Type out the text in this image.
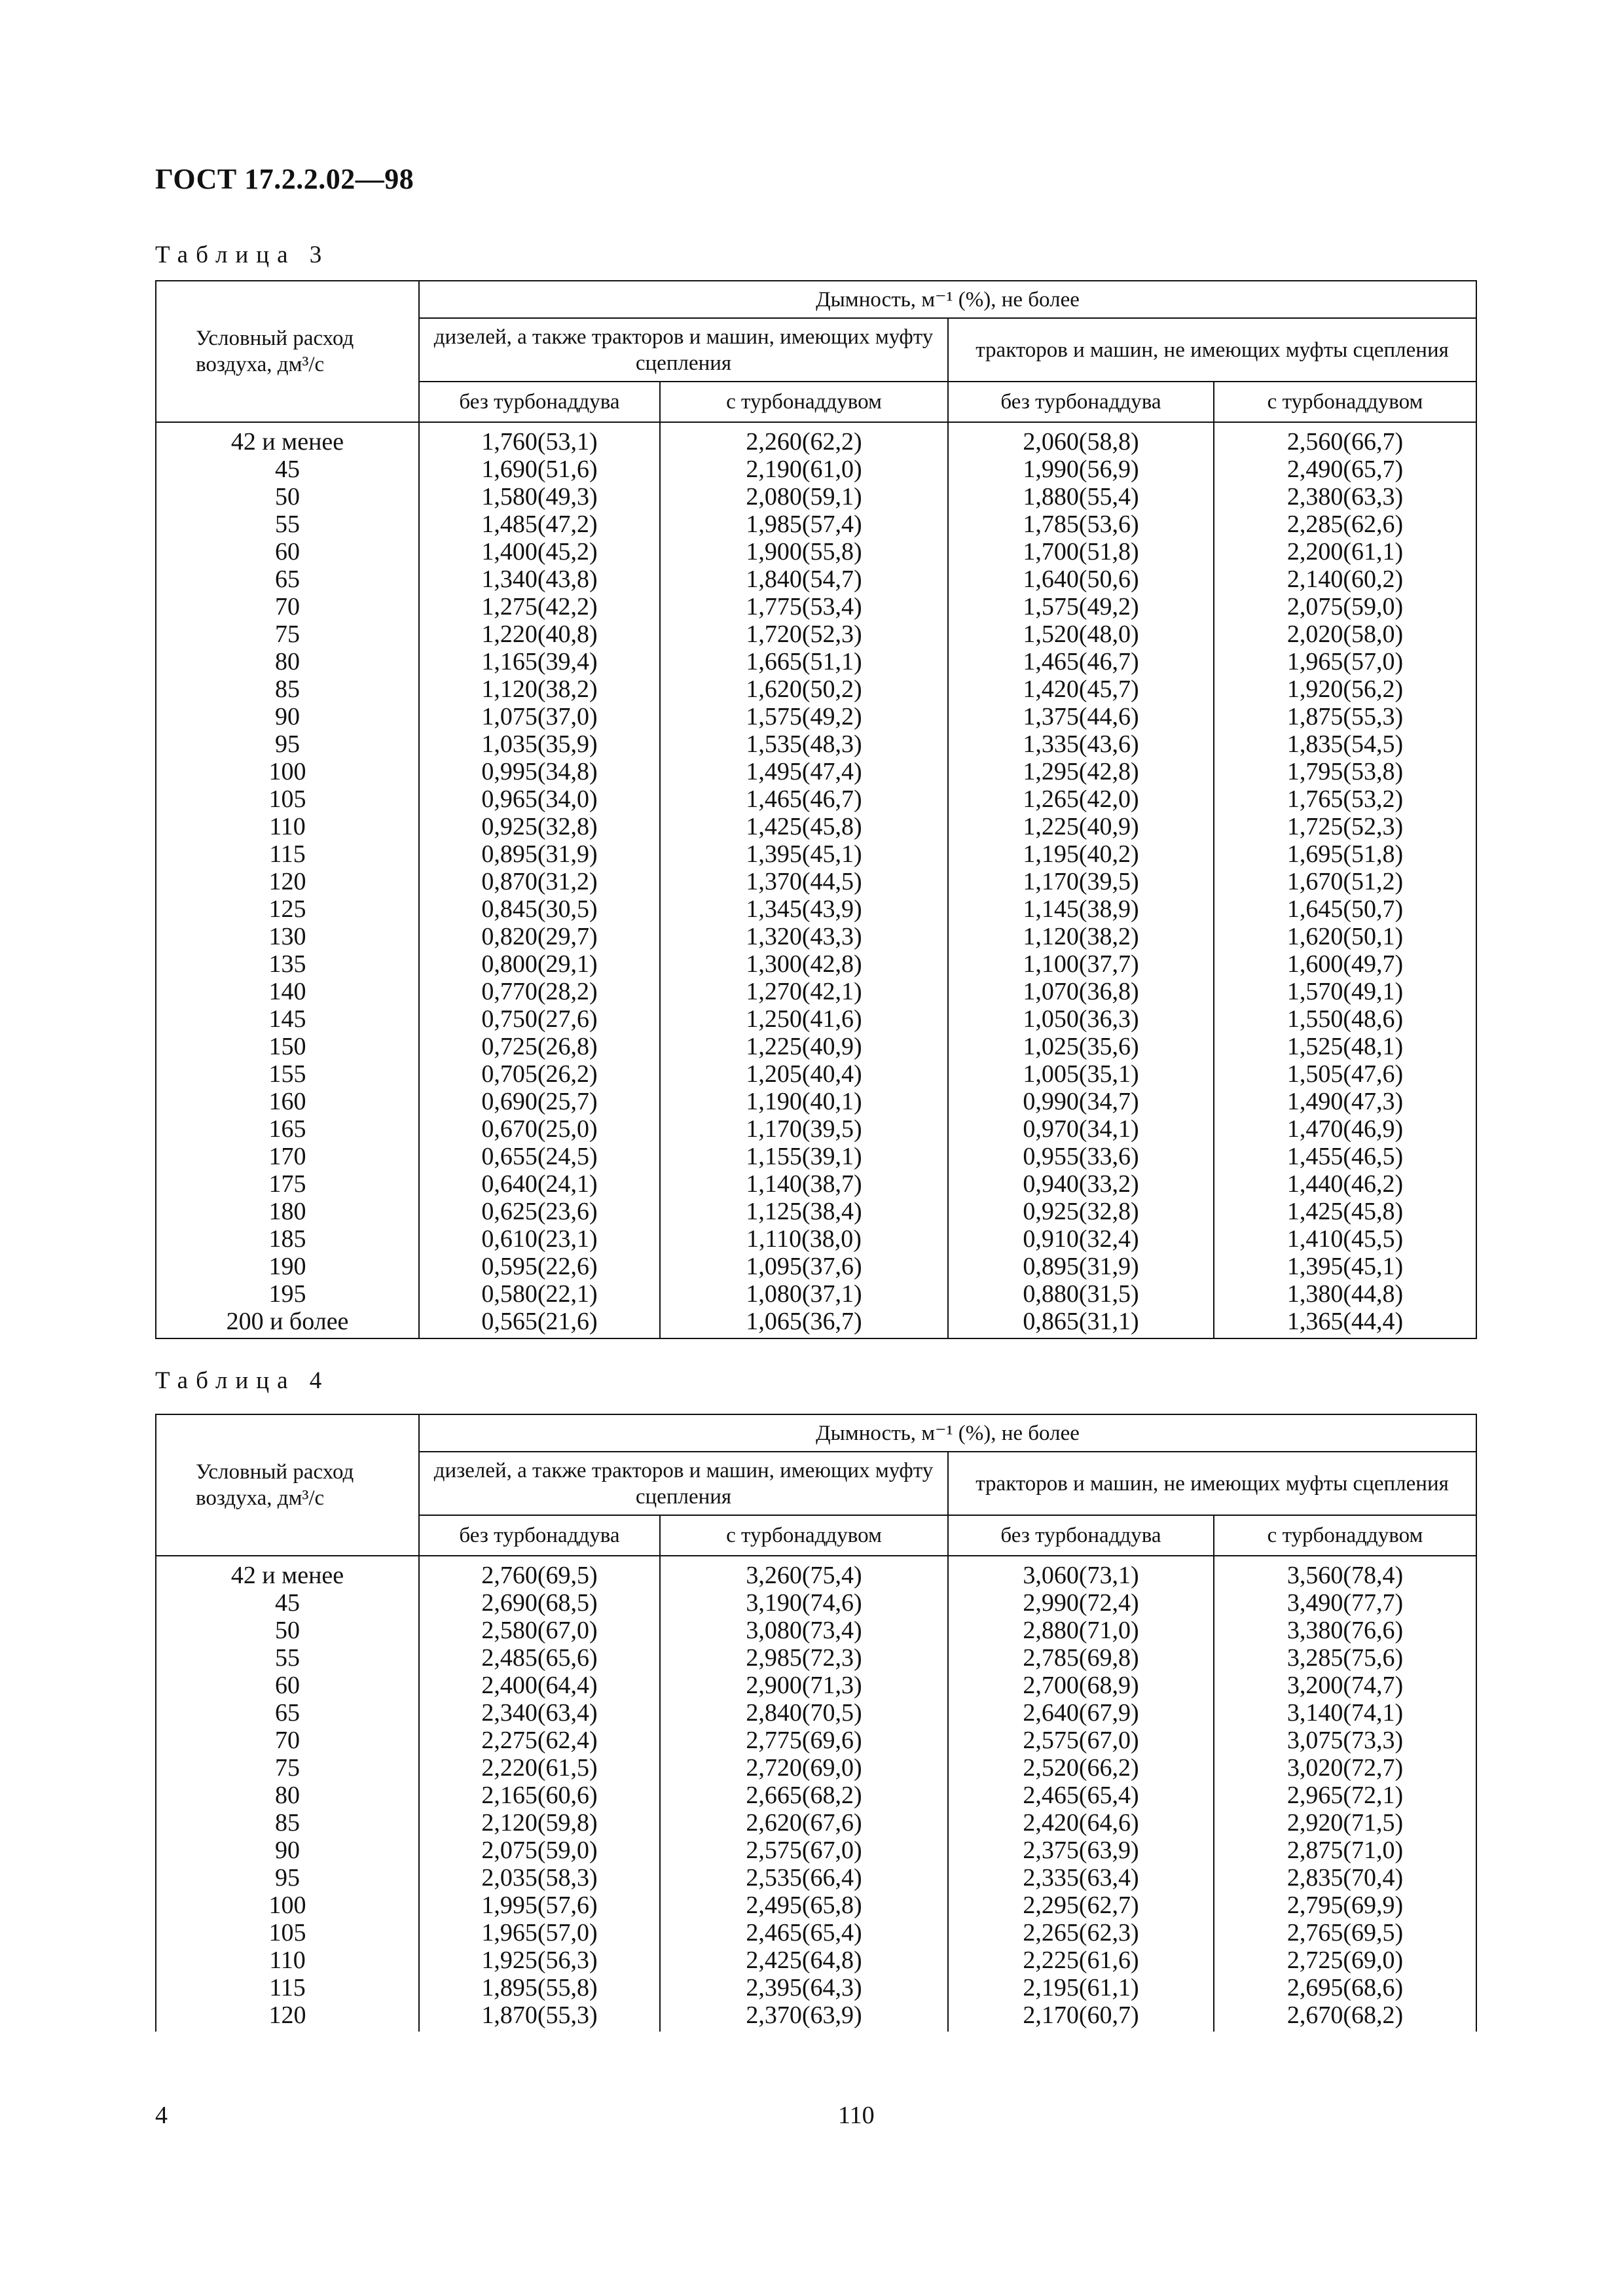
ГОСТ 17.2.2.02—98

Таблица 3

Условный расход воздуха, дм³/с	Дымность, м⁻¹ (%), не более			
	дизелей, а также тракторов и машин, имеющих муфту сцепления		тракторов и машин, не имеющих муфты сцепления	
	без турбонаддува	с турбонаддувом	без турбонаддува	с турбонаддувом

42 и менее	1,760(53,1)	2,260(62,2)	2,060(58,8)	2,560(66,7)
45	1,690(51,6)	2,190(61,0)	1,990(56,9)	2,490(65,7)
50	1,580(49,3)	2,080(59,1)	1,880(55,4)	2,380(63,3)
55	1,485(47,2)	1,985(57,4)	1,785(53,6)	2,285(62,6)
60	1,400(45,2)	1,900(55,8)	1,700(51,8)	2,200(61,1)
65	1,340(43,8)	1,840(54,7)	1,640(50,6)	2,140(60,2)
70	1,275(42,2)	1,775(53,4)	1,575(49,2)	2,075(59,0)
75	1,220(40,8)	1,720(52,3)	1,520(48,0)	2,020(58,0)
80	1,165(39,4)	1,665(51,1)	1,465(46,7)	1,965(57,0)
85	1,120(38,2)	1,620(50,2)	1,420(45,7)	1,920(56,2)
90	1,075(37,0)	1,575(49,2)	1,375(44,6)	1,875(55,3)
95	1,035(35,9)	1,535(48,3)	1,335(43,6)	1,835(54,5)
100	0,995(34,8)	1,495(47,4)	1,295(42,8)	1,795(53,8)
105	0,965(34,0)	1,465(46,7)	1,265(42,0)	1,765(53,2)
110	0,925(32,8)	1,425(45,8)	1,225(40,9)	1,725(52,3)
115	0,895(31,9)	1,395(45,1)	1,195(40,2)	1,695(51,8)
120	0,870(31,2)	1,370(44,5)	1,170(39,5)	1,670(51,2)
125	0,845(30,5)	1,345(43,9)	1,145(38,9)	1,645(50,7)
130	0,820(29,7)	1,320(43,3)	1,120(38,2)	1,620(50,1)
135	0,800(29,1)	1,300(42,8)	1,100(37,7)	1,600(49,7)
140	0,770(28,2)	1,270(42,1)	1,070(36,8)	1,570(49,1)
145	0,750(27,6)	1,250(41,6)	1,050(36,3)	1,550(48,6)
150	0,725(26,8)	1,225(40,9)	1,025(35,6)	1,525(48,1)
155	0,705(26,2)	1,205(40,4)	1,005(35,1)	1,505(47,6)
160	0,690(25,7)	1,190(40,1)	0,990(34,7)	1,490(47,3)
165	0,670(25,0)	1,170(39,5)	0,970(34,1)	1,470(46,9)
170	0,655(24,5)	1,155(39,1)	0,955(33,6)	1,455(46,5)
175	0,640(24,1)	1,140(38,7)	0,940(33,2)	1,440(46,2)
180	0,625(23,6)	1,125(38,4)	0,925(32,8)	1,425(45,8)
185	0,610(23,1)	1,110(38,0)	0,910(32,4)	1,410(45,5)
190	0,595(22,6)	1,095(37,6)	0,895(31,9)	1,395(45,1)
195	0,580(22,1)	1,080(37,1)	0,880(31,5)	1,380(44,8)
200 и более	0,565(21,6)	1,065(36,7)	0,865(31,1)	1,365(44,4)

Таблица 4

Условный расход воздуха, дм³/с	Дымность, м⁻¹ (%), не более			
	дизелей, а также тракторов и машин, имеющих муфту сцепления		тракторов и машин, не имеющих муфты сцепления	
	без турбонаддува	с турбонаддувом	без турбонаддува	с турбонаддувом

42 и менее	2,760(69,5)	3,260(75,4)	3,060(73,1)	3,560(78,4)
45	2,690(68,5)	3,190(74,6)	2,990(72,4)	3,490(77,7)
50	2,580(67,0)	3,080(73,4)	2,880(71,0)	3,380(76,6)
55	2,485(65,6)	2,985(72,3)	2,785(69,8)	3,285(75,6)
60	2,400(64,4)	2,900(71,3)	2,700(68,9)	3,200(74,7)
65	2,340(63,4)	2,840(70,5)	2,640(67,9)	3,140(74,1)
70	2,275(62,4)	2,775(69,6)	2,575(67,0)	3,075(73,3)
75	2,220(61,5)	2,720(69,0)	2,520(66,2)	3,020(72,7)
80	2,165(60,6)	2,665(68,2)	2,465(65,4)	2,965(72,1)
85	2,120(59,8)	2,620(67,6)	2,420(64,6)	2,920(71,5)
90	2,075(59,0)	2,575(67,0)	2,375(63,9)	2,875(71,0)
95	2,035(58,3)	2,535(66,4)	2,335(63,4)	2,835(70,4)
100	1,995(57,6)	2,495(65,8)	2,295(62,7)	2,795(69,9)
105	1,965(57,0)	2,465(65,4)	2,265(62,3)	2,765(69,5)
110	1,925(56,3)	2,425(64,8)	2,225(61,6)	2,725(69,0)
115	1,895(55,8)	2,395(64,3)	2,195(61,1)	2,695(68,6)
120	1,870(55,3)	2,370(63,9)	2,170(60,7)	2,670(68,2)

4	110
